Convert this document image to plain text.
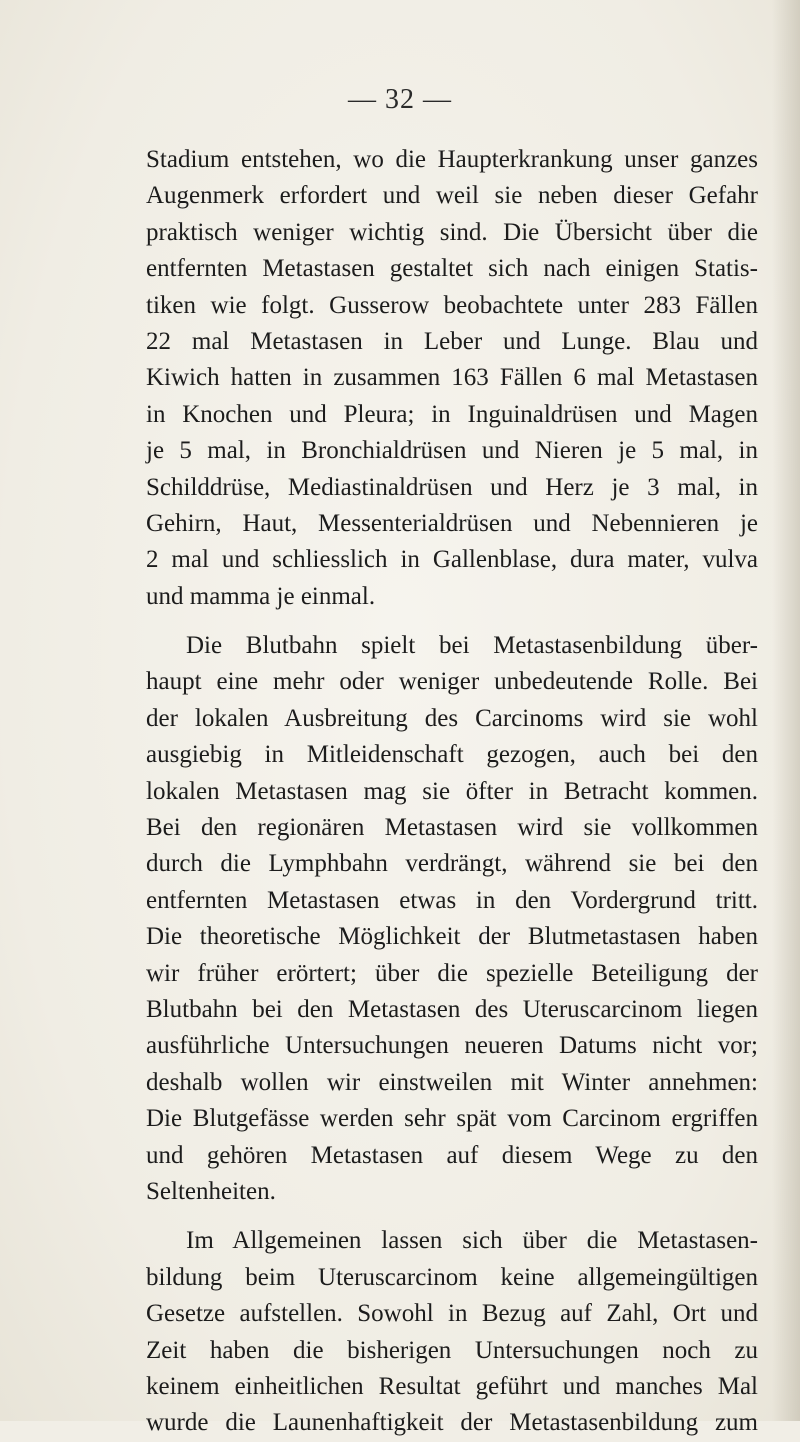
— 32 —
Stadium entstehen, wo die Haupterkrankung unser ganzes
Augenmerk erfordert und weil sie neben dieser Gefahr
praktisch weniger wichtig sind. Die Übersicht über die
entfernten Metastasen gestaltet sich nach einigen Statis-
tiken wie folgt. Gusserow beobachtete unter 283 Fällen
22 mal Metastasen in Leber und Lunge. Blau und
Kiwich hatten in zusammen 163 Fällen 6 mal Metastasen
in Knochen und Pleura; in Inguinaldrüsen und Magen
je 5 mal, in Bronchialdrüsen und Nieren je 5 mal, in
Schilddrüse, Mediastinaldrüsen und Herz je 3 mal, in
Gehirn, Haut, Messenterialdrüsen und Nebennieren je
2 mal und schliesslich in Gallenblase, dura mater, vulva
und mamma je einmal.
Die Blutbahn spielt bei Metastasenbildung über-
haupt eine mehr oder weniger unbedeutende Rolle. Bei
der lokalen Ausbreitung des Carcinoms wird sie wohl
ausgiebig in Mitleidenschaft gezogen, auch bei den
lokalen Metastasen mag sie öfter in Betracht kommen.
Bei den regionären Metastasen wird sie vollkommen
durch die Lymphbahn verdrängt, während sie bei den
entfernten Metastasen etwas in den Vordergrund tritt.
Die theoretische Möglichkeit der Blutmetastasen haben
wir früher erörtert; über die spezielle Beteiligung der
Blutbahn bei den Metastasen des Uteruscarcinom liegen
ausführliche Untersuchungen neueren Datums nicht vor;
deshalb wollen wir einstweilen mit Winter annehmen:
Die Blutgefässe werden sehr spät vom Carcinom ergriffen
und gehören Metastasen auf diesem Wege zu den
Seltenheiten.
Im Allgemeinen lassen sich über die Metastasen-
bildung beim Uteruscarcinom keine allgemeingültigen
Gesetze aufstellen. Sowohl in Bezug auf Zahl, Ort und
Zeit haben die bisherigen Untersuchungen noch zu
keinem einheitlichen Resultat geführt und manches Mal
wurde die Launenhaftigkeit der Metastasenbildung zum
